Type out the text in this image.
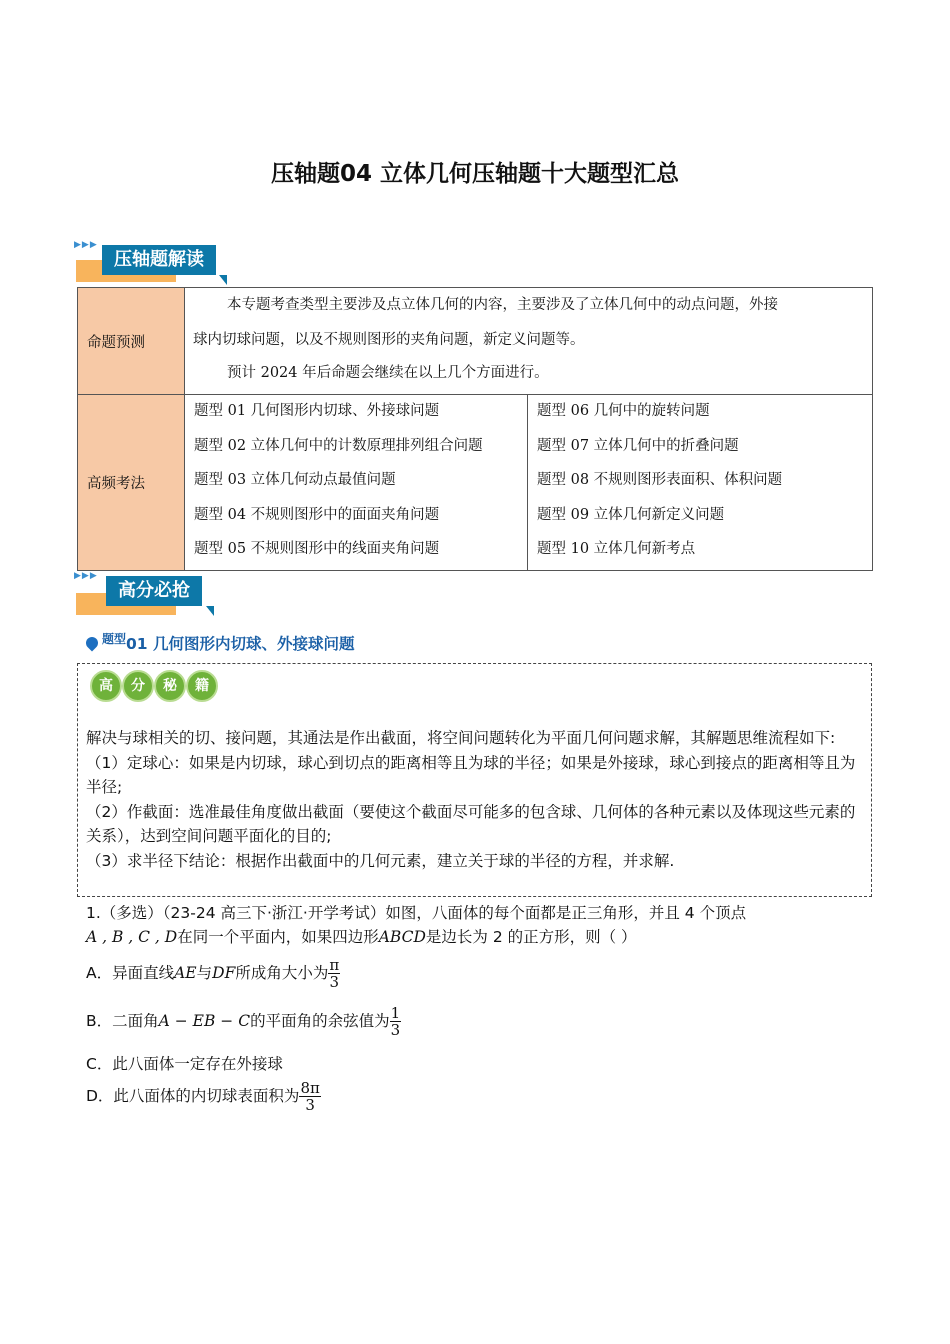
压轴题04 立体几何压轴题十大题型汇总
▶▶▶
压轴题解读
命题预测	
本专题考查类型主要涉及点立体几何的内容，主要涉及了立体几何中的动点问题，外接
球内切球问题，以及不规则图形的夹角问题，新定义问题等。
预计 2024 年后命题会继续在以上几个方面进行。

高频考法	
题型 01 几何图形内切球、外接球问题
题型 02 立体几何中的计数原理排列组合问题
题型 03 立体几何动点最值问题
题型 04 不规则图形中的面面夹角问题
题型 05 不规则图形中的线面夹角问题

题型 06 几何中的旋转问题
题型 07 立体几何中的折叠问题
题型 08 不规则图形表面积、体积问题
题型 09 立体几何新定义问题
题型 10 立体几何新考点
▶▶▶
高分必抢
$^{题型}$01 几何图形内切球、外接球问题
高	分	秘	籍
解决与球相关的切、接问题，其通法是作出截面，将空间问题转化为平面几何问题求解，其解题思维流程如下:
（1）定球心：如果是内切球，球心到切点的距离相等且为球的半径；如果是外接球，球心到接点的距离相等且为半径;
（2）作截面：选准最佳角度做出截面（要使这个截面尽可能多的包含球、几何体的各种元素以及体现这些元素的关系），达到空间问题平面化的目的;
（3）求半径下结论：根据作出截面中的几何元素，建立关于球的半径的方程，并求解.
1.（多选）（23-24 高三下·浙江·开学考试）如图，八面体的每个面都是正三角形，并且 4 个顶点
A , B , C , D在同一个平面内，如果四边形ABCD是边长为 2 的正方形，则（ ）
A．异面直线AE与DF所成角大小为 $\frac{\pi}{3}$
B．二面角A − EB − C的平面角的余弦值为 $\frac{1}{3}$
C．此八面体一定存在外接球
D．此八面体的内切球表面积为 $\frac{8\pi}{3}$
